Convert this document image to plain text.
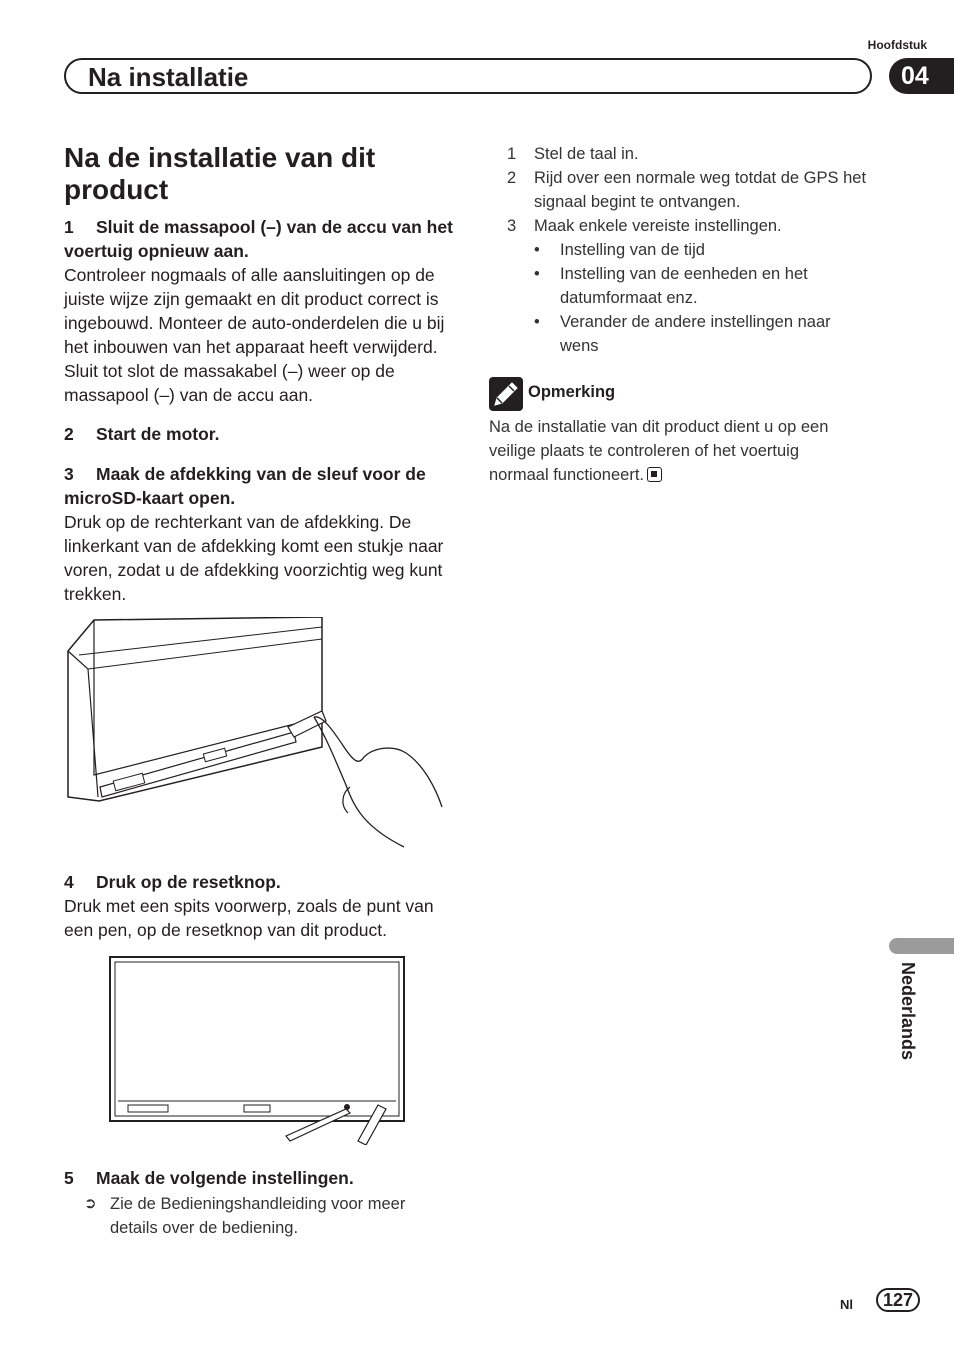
Hoofdstuk
Na installatie	04
Na de installatie van dit product
1 Sluit de massapool (–) van de accu van het voertuig opnieuw aan.
Controleer nogmaals of alle aansluitingen op de juiste wijze zijn gemaakt en dit product correct is ingebouwd. Monteer de auto-onderdelen die u bij het inbouwen van het apparaat heeft verwijderd. Sluit tot slot de massakabel (–) weer op de massapool (–) van de accu aan.
2 Start de motor.
3 Maak de afdekking van de sleuf voor de microSD-kaart open.
Druk op de rechterkant van de afdekking. De linkerkant van de afdekking komt een stukje naar voren, zodat u de afdekking voorzichtig weg kunt trekken.
4 Druk op de resetknop.
Druk met een spits voorwerp, zoals de punt van een pen, op de resetknop van dit product.
5 Maak de volgende instellingen.
➲ Zie de Bedieningshandleiding voor meer details over de bediening.
1	Stel de taal in.
2	Rijd over een normale weg totdat de GPS het signaal begint te ontvangen.
3	Maak enkele vereiste instellingen.
•	Instelling van de tijd
•	Instelling van de eenheden en het datumformaat enz.
•	Verander de andere instellingen naar wens
Opmerking
Na de installatie van dit product dient u op een veilige plaats te controleren of het voertuig normaal functioneert.
Nederlands
Nl	127
